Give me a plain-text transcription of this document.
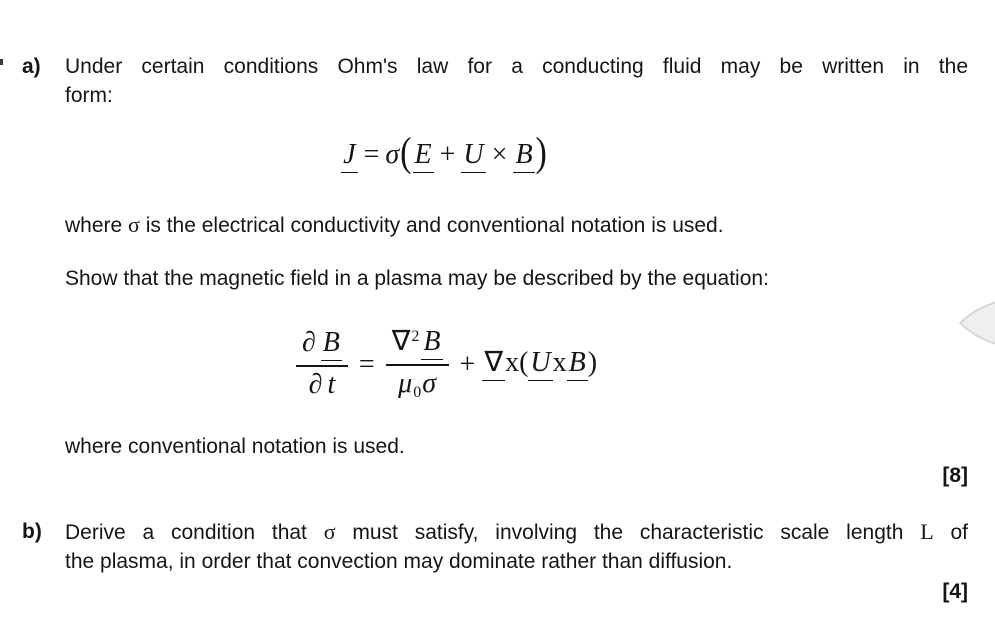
a) Under certain conditions Ohm's law for a conducting fluid may be written in the
form:
where σ is the electrical conductivity and conventional notation is used.
Show that the magnetic field in a plasma may be described by the equation:
where conventional notation is used.
[8]
Derive a condition that σ must satisfy, involving the characteristic scale length L of
the plasma, in order that convection may dominate rather than diffusion.
[4]
b)
J = σ ( E + U × B )
$\frac{\partial B}{\partial t} = \frac{\nabla^2 B}{\mu_0\sigma} + \nabla x(UxB)$
